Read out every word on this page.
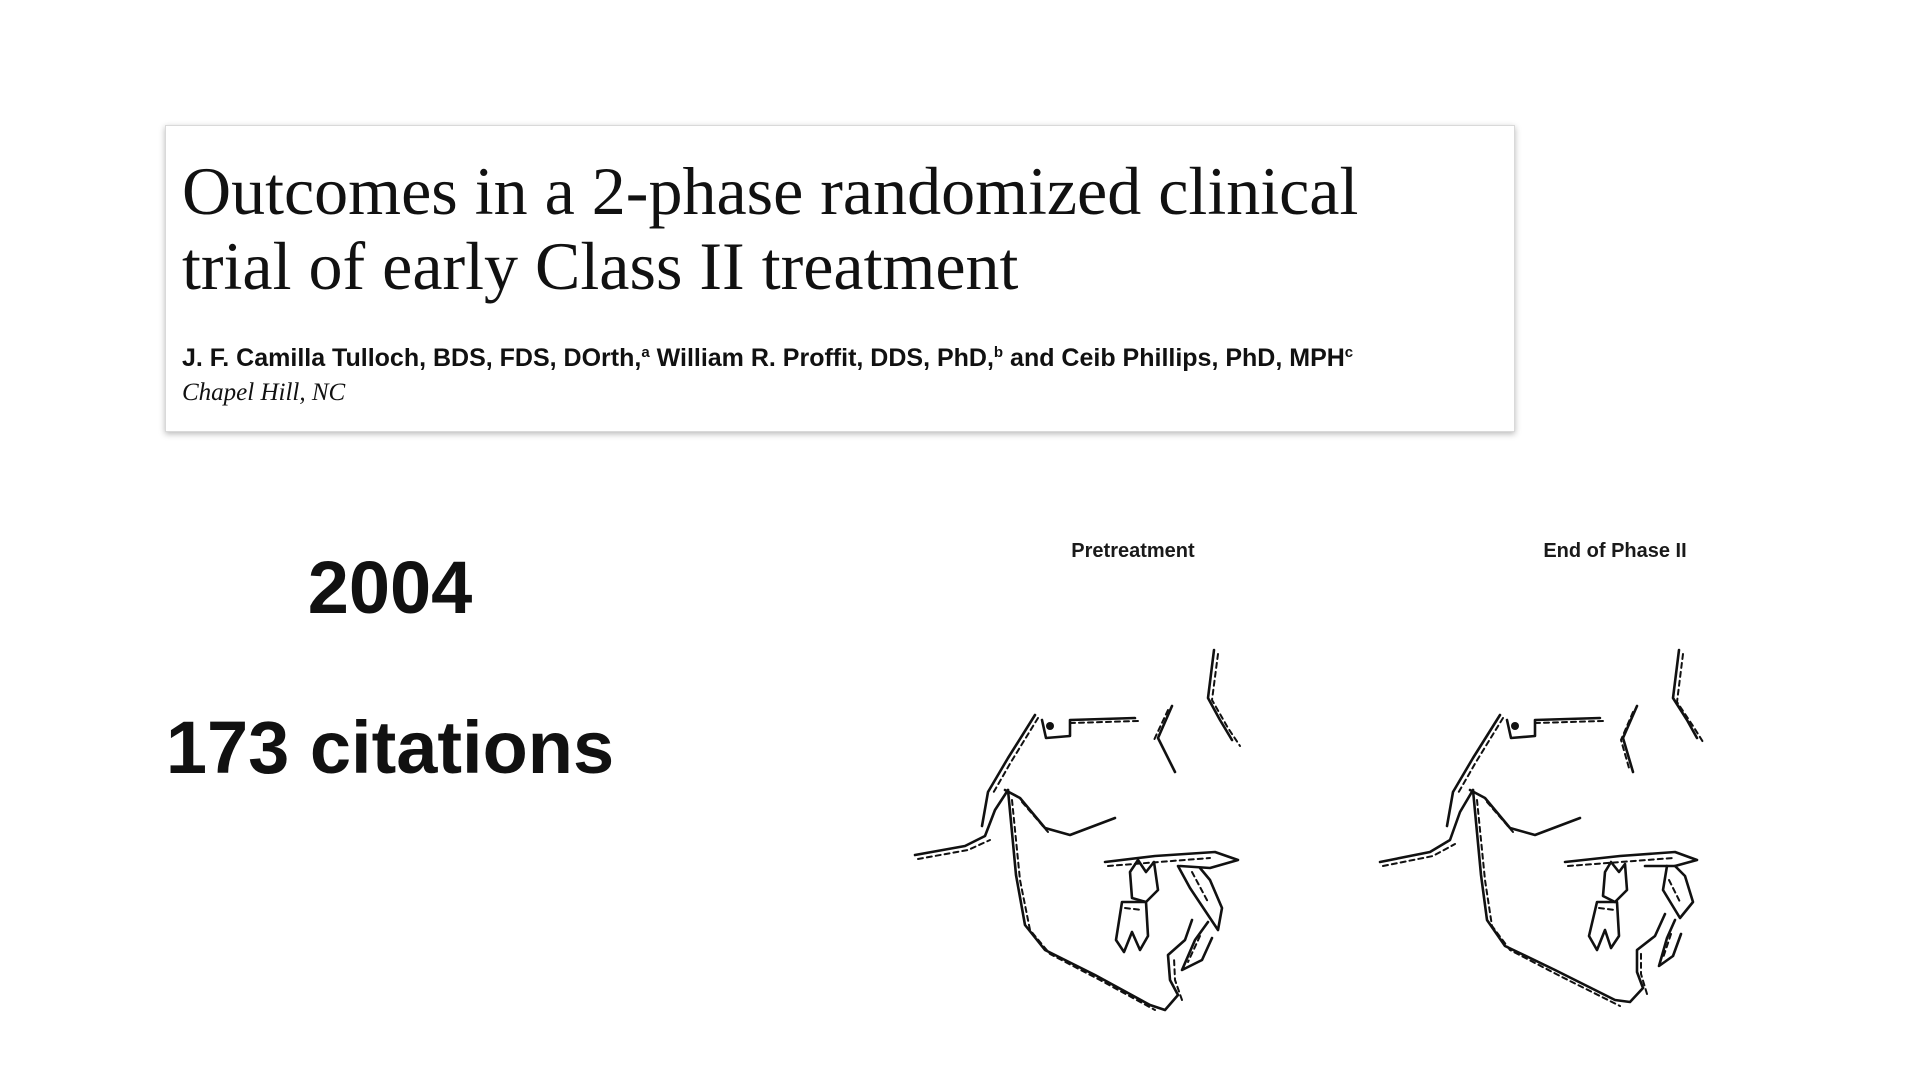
Outcomes in a 2-phase randomized clinical
trial of early Class II treatment
J. F. Camilla Tulloch, BDS, FDS, DOrth,$^a$ William R. Proffit, DDS, PhD,$^b$ and Ceib Phillips, PhD, MPH$^c$
Chapel Hill, NC
2004
173 citations
Pretreatment	End of Phase II
